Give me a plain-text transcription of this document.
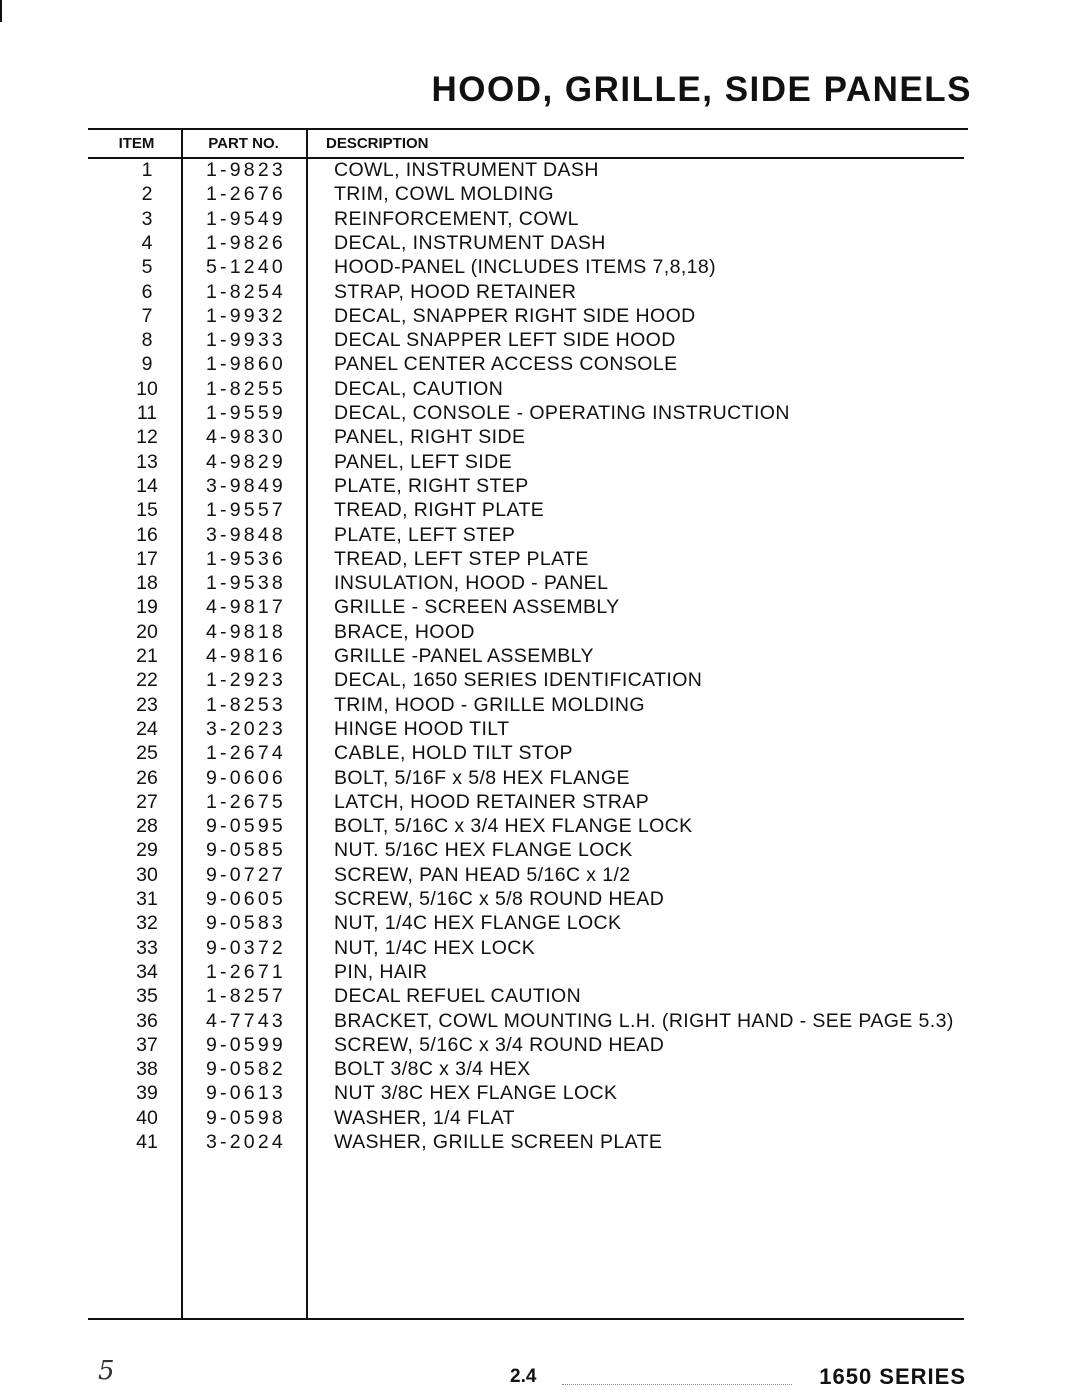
HOOD, GRILLE, SIDE PANELS
ITEM	PART NO.	DESCRIPTION
1	1-9823 COWL, INSTRUMENT DASH
2	1-2676 TRIM, COWL MOLDING
3	1-9549 REINFORCEMENT, COWL
4	1-9826 DECAL, INSTRUMENT DASH
5	5-1240 HOOD-PANEL (INCLUDES ITEMS 7,8,18)
6	1-8254 STRAP, HOOD RETAINER
7	1-9932 DECAL, SNAPPER RIGHT SIDE HOOD
8	1-9933 DECAL SNAPPER LEFT SIDE HOOD
9	1-9860 PANEL CENTER ACCESS CONSOLE
10	1-8255 DECAL, CAUTION
11	1-9559 DECAL, CONSOLE - OPERATING INSTRUCTION
12	4-9830 PANEL, RIGHT SIDE
13	4-9829 PANEL, LEFT SIDE
14	3-9849 PLATE, RIGHT STEP
15	1-9557 TREAD, RIGHT PLATE
16	3-9848 PLATE, LEFT STEP
17	1-9536 TREAD, LEFT STEP PLATE
18	1-9538 INSULATION, HOOD - PANEL
19	4-9817 GRILLE - SCREEN ASSEMBLY
20	4-9818 BRACE, HOOD
21	4-9816 GRILLE -PANEL ASSEMBLY
22	1-2923 DECAL, 1650 SERIES IDENTIFICATION
23	1-8253 TRIM, HOOD - GRILLE MOLDING
24	3-2023 HINGE HOOD TILT
25	1-2674 CABLE, HOLD TILT STOP
26	9-0606 BOLT, 5/16F x 5/8 HEX FLANGE
27	1-2675 LATCH, HOOD RETAINER STRAP
28	9-0595 BOLT, 5/16C x 3/4 HEX FLANGE LOCK
29	9-0585 NUT. 5/16C HEX FLANGE LOCK
30	9-0727 SCREW, PAN HEAD 5/16C x 1/2
31	9-0605 SCREW, 5/16C x 5/8 ROUND HEAD
32	9-0583 NUT, 1/4C HEX FLANGE LOCK
33	9-0372 NUT, 1/4C HEX LOCK
34	1-2671 PIN, HAIR
35	1-8257 DECAL REFUEL CAUTION
36	4-7743 BRACKET, COWL MOUNTING L.H. (RIGHT HAND - SEE PAGE 5.3)
37	9-0599 SCREW, 5/16C x 3/4 ROUND HEAD
38	9-0582 BOLT 3/8C x 3/4 HEX
39	9-0613 NUT 3/8C HEX FLANGE LOCK
40	9-0598 WASHER, 1/4 FLAT
41	3-2024 WASHER, GRILLE SCREEN PLATE
5	2.4	1650 SERIES
